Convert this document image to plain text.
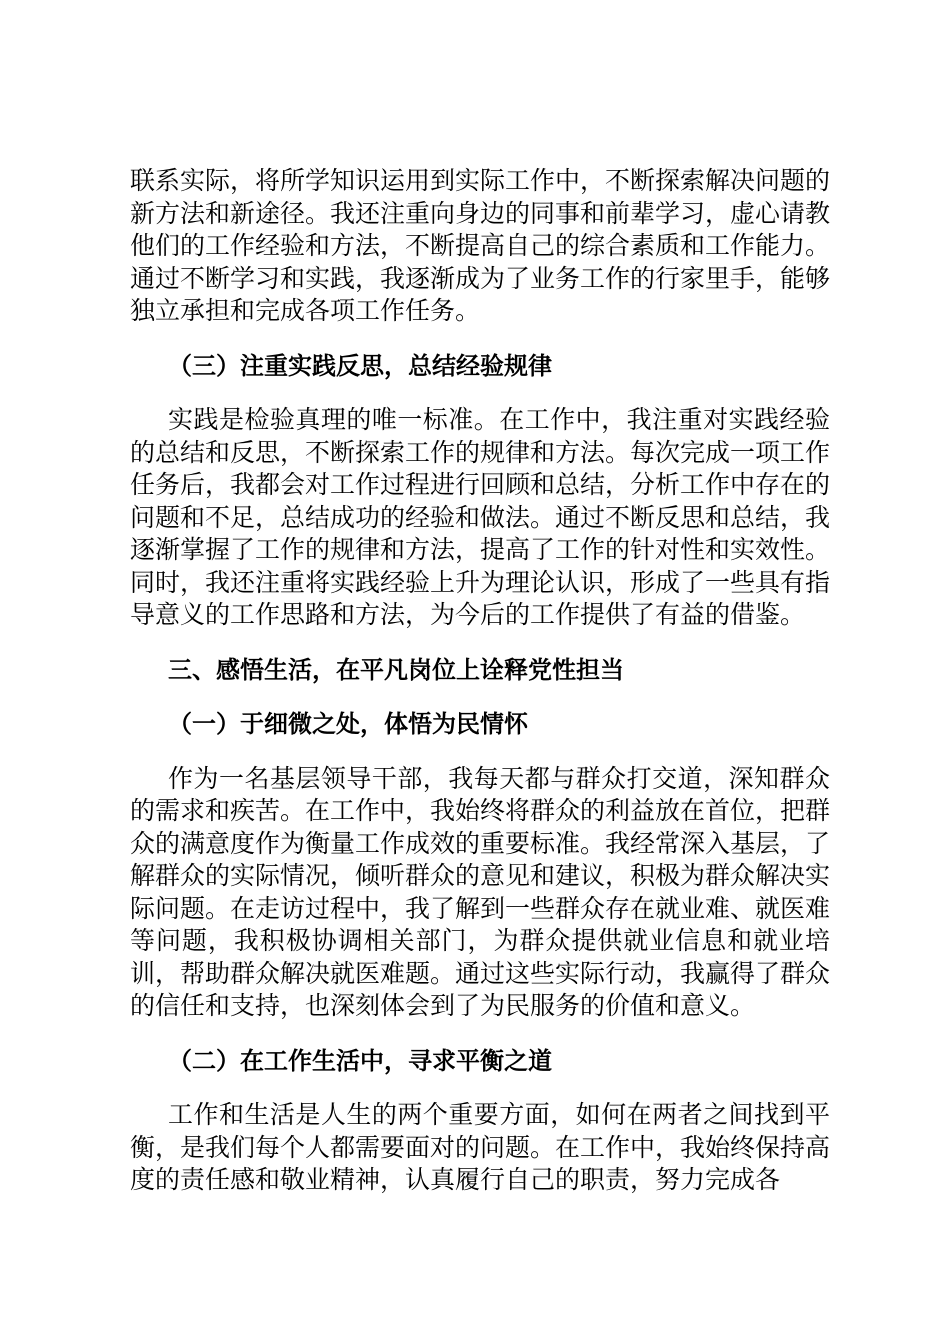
联系实际，将所学知识运用到实际工作中，不断探索解决问题的新方法和新途径。我还注重向身边的同事和前辈学习，虚心请教他们的工作经验和方法，不断提高自己的综合素质和工作能力。通过不断学习和实践，我逐渐成为了业务工作的行家里手，能够独立承担和完成各项工作任务。

（三）注重实践反思，总结经验规律

实践是检验真理的唯一标准。在工作中，我注重对实践经验的总结和反思，不断探索工作的规律和方法。每次完成一项工作任务后，我都会对工作过程进行回顾和总结，分析工作中存在的问题和不足，总结成功的经验和做法。通过不断反思和总结，我逐渐掌握了工作的规律和方法，提高了工作的针对性和实效性。同时，我还注重将实践经验上升为理论认识，形成了一些具有指导意义的工作思路和方法，为今后的工作提供了有益的借鉴。

三、感悟生活，在平凡岗位上诠释党性担当

（一）于细微之处，体悟为民情怀

作为一名基层领导干部，我每天都与群众打交道，深知群众的需求和疾苦。在工作中，我始终将群众的利益放在首位，把群众的满意度作为衡量工作成效的重要标准。我经常深入基层，了解群众的实际情况，倾听群众的意见和建议，积极为群众解决实际问题。在走访过程中，我了解到一些群众存在就业难、就医难等问题，我积极协调相关部门，为群众提供就业信息和就业培训，帮助群众解决就医难题。通过这些实际行动，我赢得了群众的信任和支持，也深刻体会到了为民服务的价值和意义。

（二）在工作生活中，寻求平衡之道

工作和生活是人生的两个重要方面，如何在两者之间找到平衡，是我们每个人都需要面对的问题。在工作中，我始终保持高度的责任感和敬业精神，认真履行自己的职责，努力完成各
